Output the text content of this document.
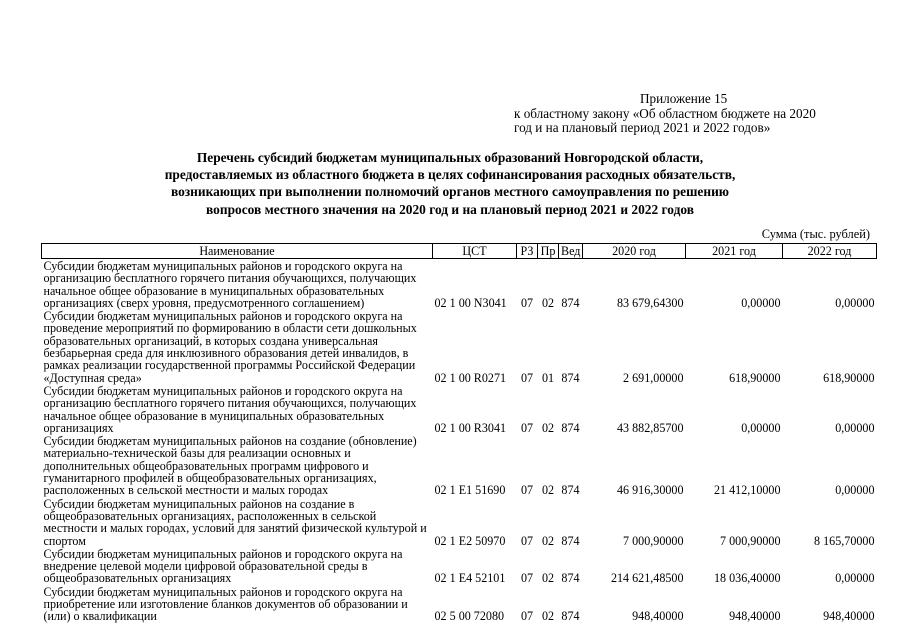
Приложение 15
к областному закону «Об областном бюджете на 2020
год и на плановый период 2021 и 2022 годов»
Перечень субсидий бюджетам муниципальных образований Новгородской области,
предоставляемых из областного бюджета в целях софинансирования расходных обязательств,
возникающих при выполнении полномочий органов местного самоуправления по решению
вопросов местного значения на 2020 год и на плановый период 2021 и 2022 годов
Сумма (тыс. рублей)
Наименование	ЦСТ	РЗ	Пр	Вед	2020 год	2021 год	2022 год
Субсидии бюджетам муниципальных районов и городского округа на организацию бесплатного горячего питания обучающихся, получающих начальное общее образование в муниципальных образовательных организациях (сверх уровня, предусмотренного соглашением)	02 1 00 N3041	07	02	874	83 679,64300	0,00000	0,00000
Субсидии бюджетам муниципальных районов и городского округа на проведение мероприятий по формированию в области сети дошкольных образовательных организаций, в которых создана универсальная безбарьерная среда для инклюзивного образования детей инвалидов, в рамках реализации государственной программы Российской Федерации «Доступная среда»	02 1 00 R0271	07	01	874	2 691,00000	618,90000	618,90000
Субсидии бюджетам муниципальных районов и городского округа на организацию бесплатного горячего питания обучающихся, получающих начальное общее образование в муниципальных образовательных организациях	02 1 00 R3041	07	02	874	43 882,85700	0,00000	0,00000
Субсидии бюджетам муниципальных районов на создание (обновление) материально-технической базы для реализации основных и дополнительных общеобразовательных программ цифрового и гуманитарного профилей в общеобразовательных организациях, расположенных в сельской местности и малых городах	02 1 E1 51690	07	02	874	46 916,30000	21 412,10000	0,00000
Субсидии бюджетам муниципальных районов на создание в общеобразовательных организациях, расположенных в сельской местности и малых городах, условий для занятий физической культурой и спортом	02 1 E2 50970	07	02	874	7 000,90000	7 000,90000	8 165,70000
Субсидии бюджетам муниципальных районов и городского округа на внедрение целевой модели цифровой образовательной среды в общеобразовательных организациях	02 1 E4 52101	07	02	874	214 621,48500	18 036,40000	0,00000
Субсидии бюджетам муниципальных районов и городского округа на приобретение или изготовление бланков документов об образовании и (или) о квалификации	02 5 00 72080	07	02	874	948,40000	948,40000	948,40000
